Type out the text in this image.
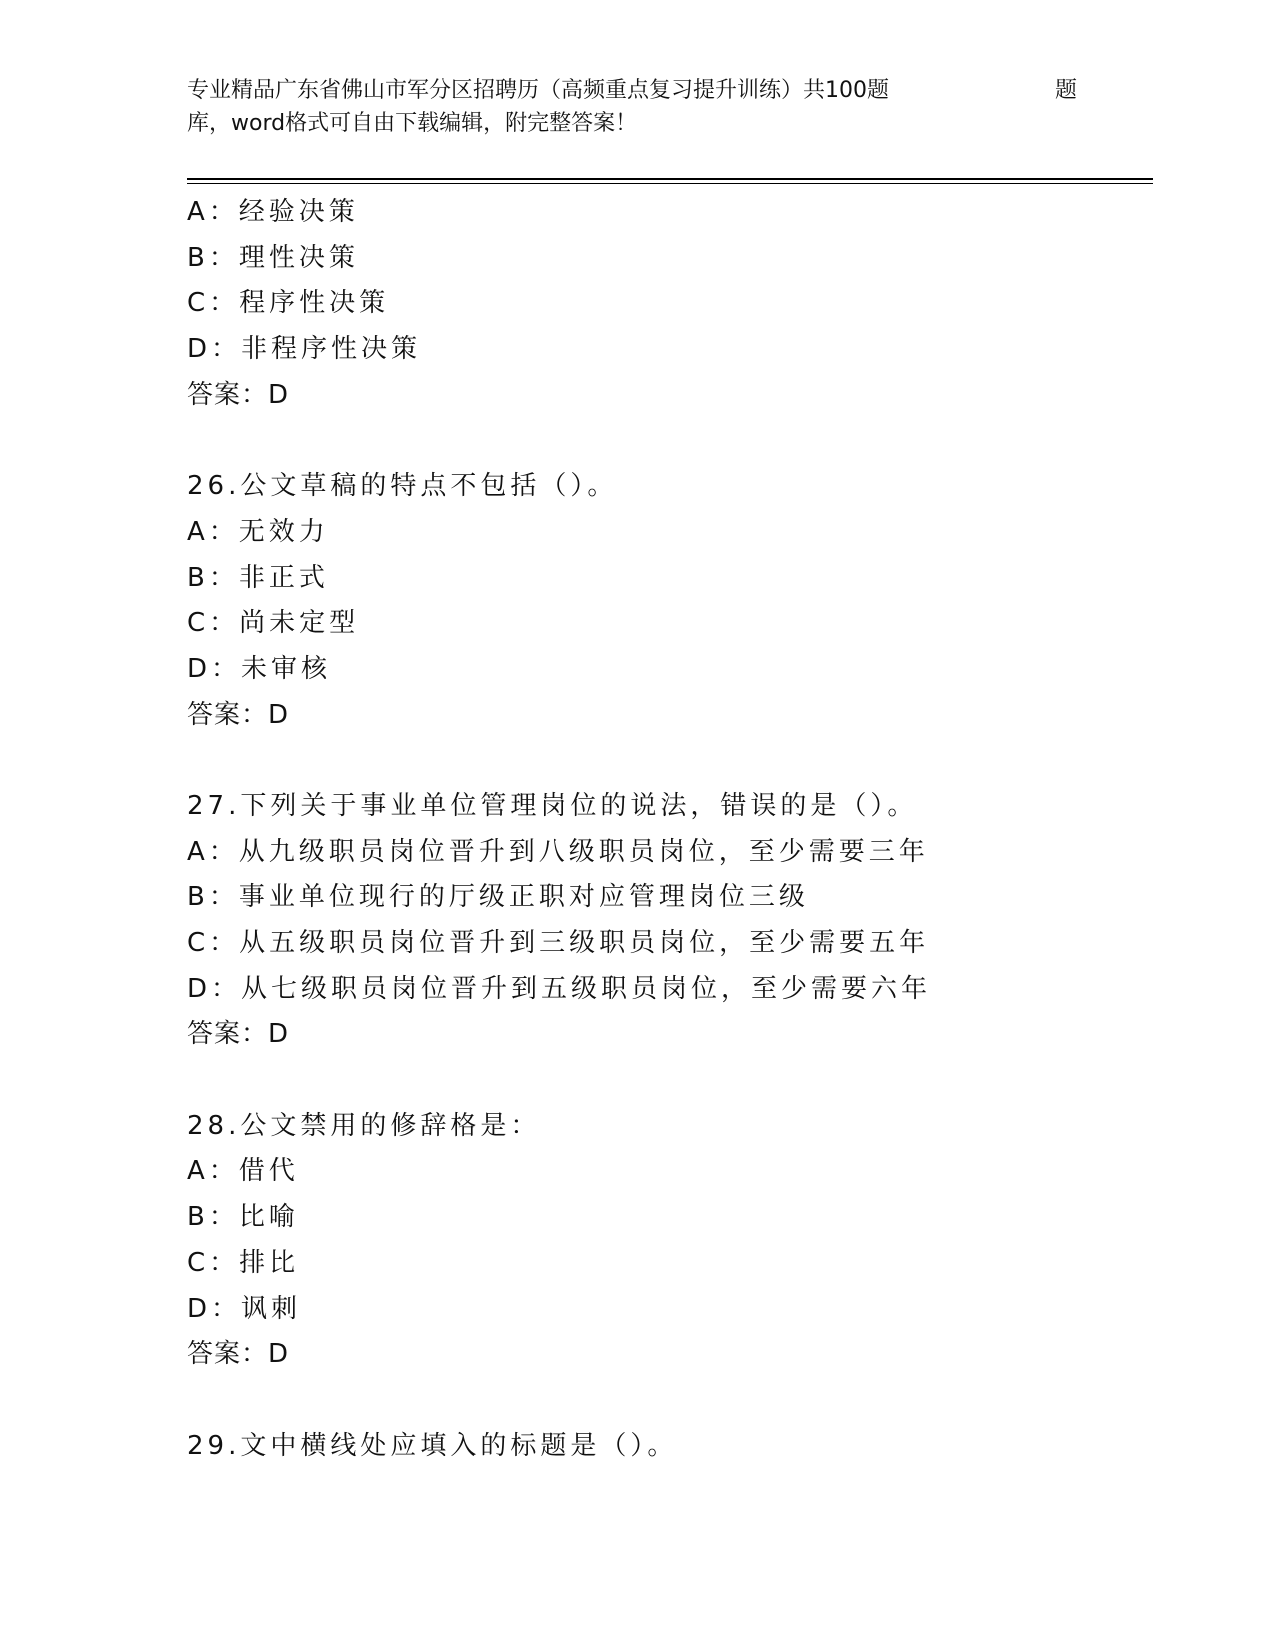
专业精品广东省佛山市军分区招聘历（高频重点复习提升训练）共100题	题
库，word格式可自由下载编辑，附完整答案！
A：经验决策
B：理性决策
C：程序性决策
D：非程序性决策
答案：D
26.公文草稿的特点不包括（）。
A：无效力
B：非正式
C：尚未定型
D：未审核
答案：D
27.下列关于事业单位管理岗位的说法，错误的是（）。
A：从九级职员岗位晋升到八级职员岗位，至少需要三年
B：事业单位现行的厅级正职对应管理岗位三级
C：从五级职员岗位晋升到三级职员岗位，至少需要五年
D：从七级职员岗位晋升到五级职员岗位，至少需要六年
答案：D
28.公文禁用的修辞格是：
A：借代
B：比喻
C：排比
D：讽刺
答案：D
29.文中横线处应填入的标题是（）。
